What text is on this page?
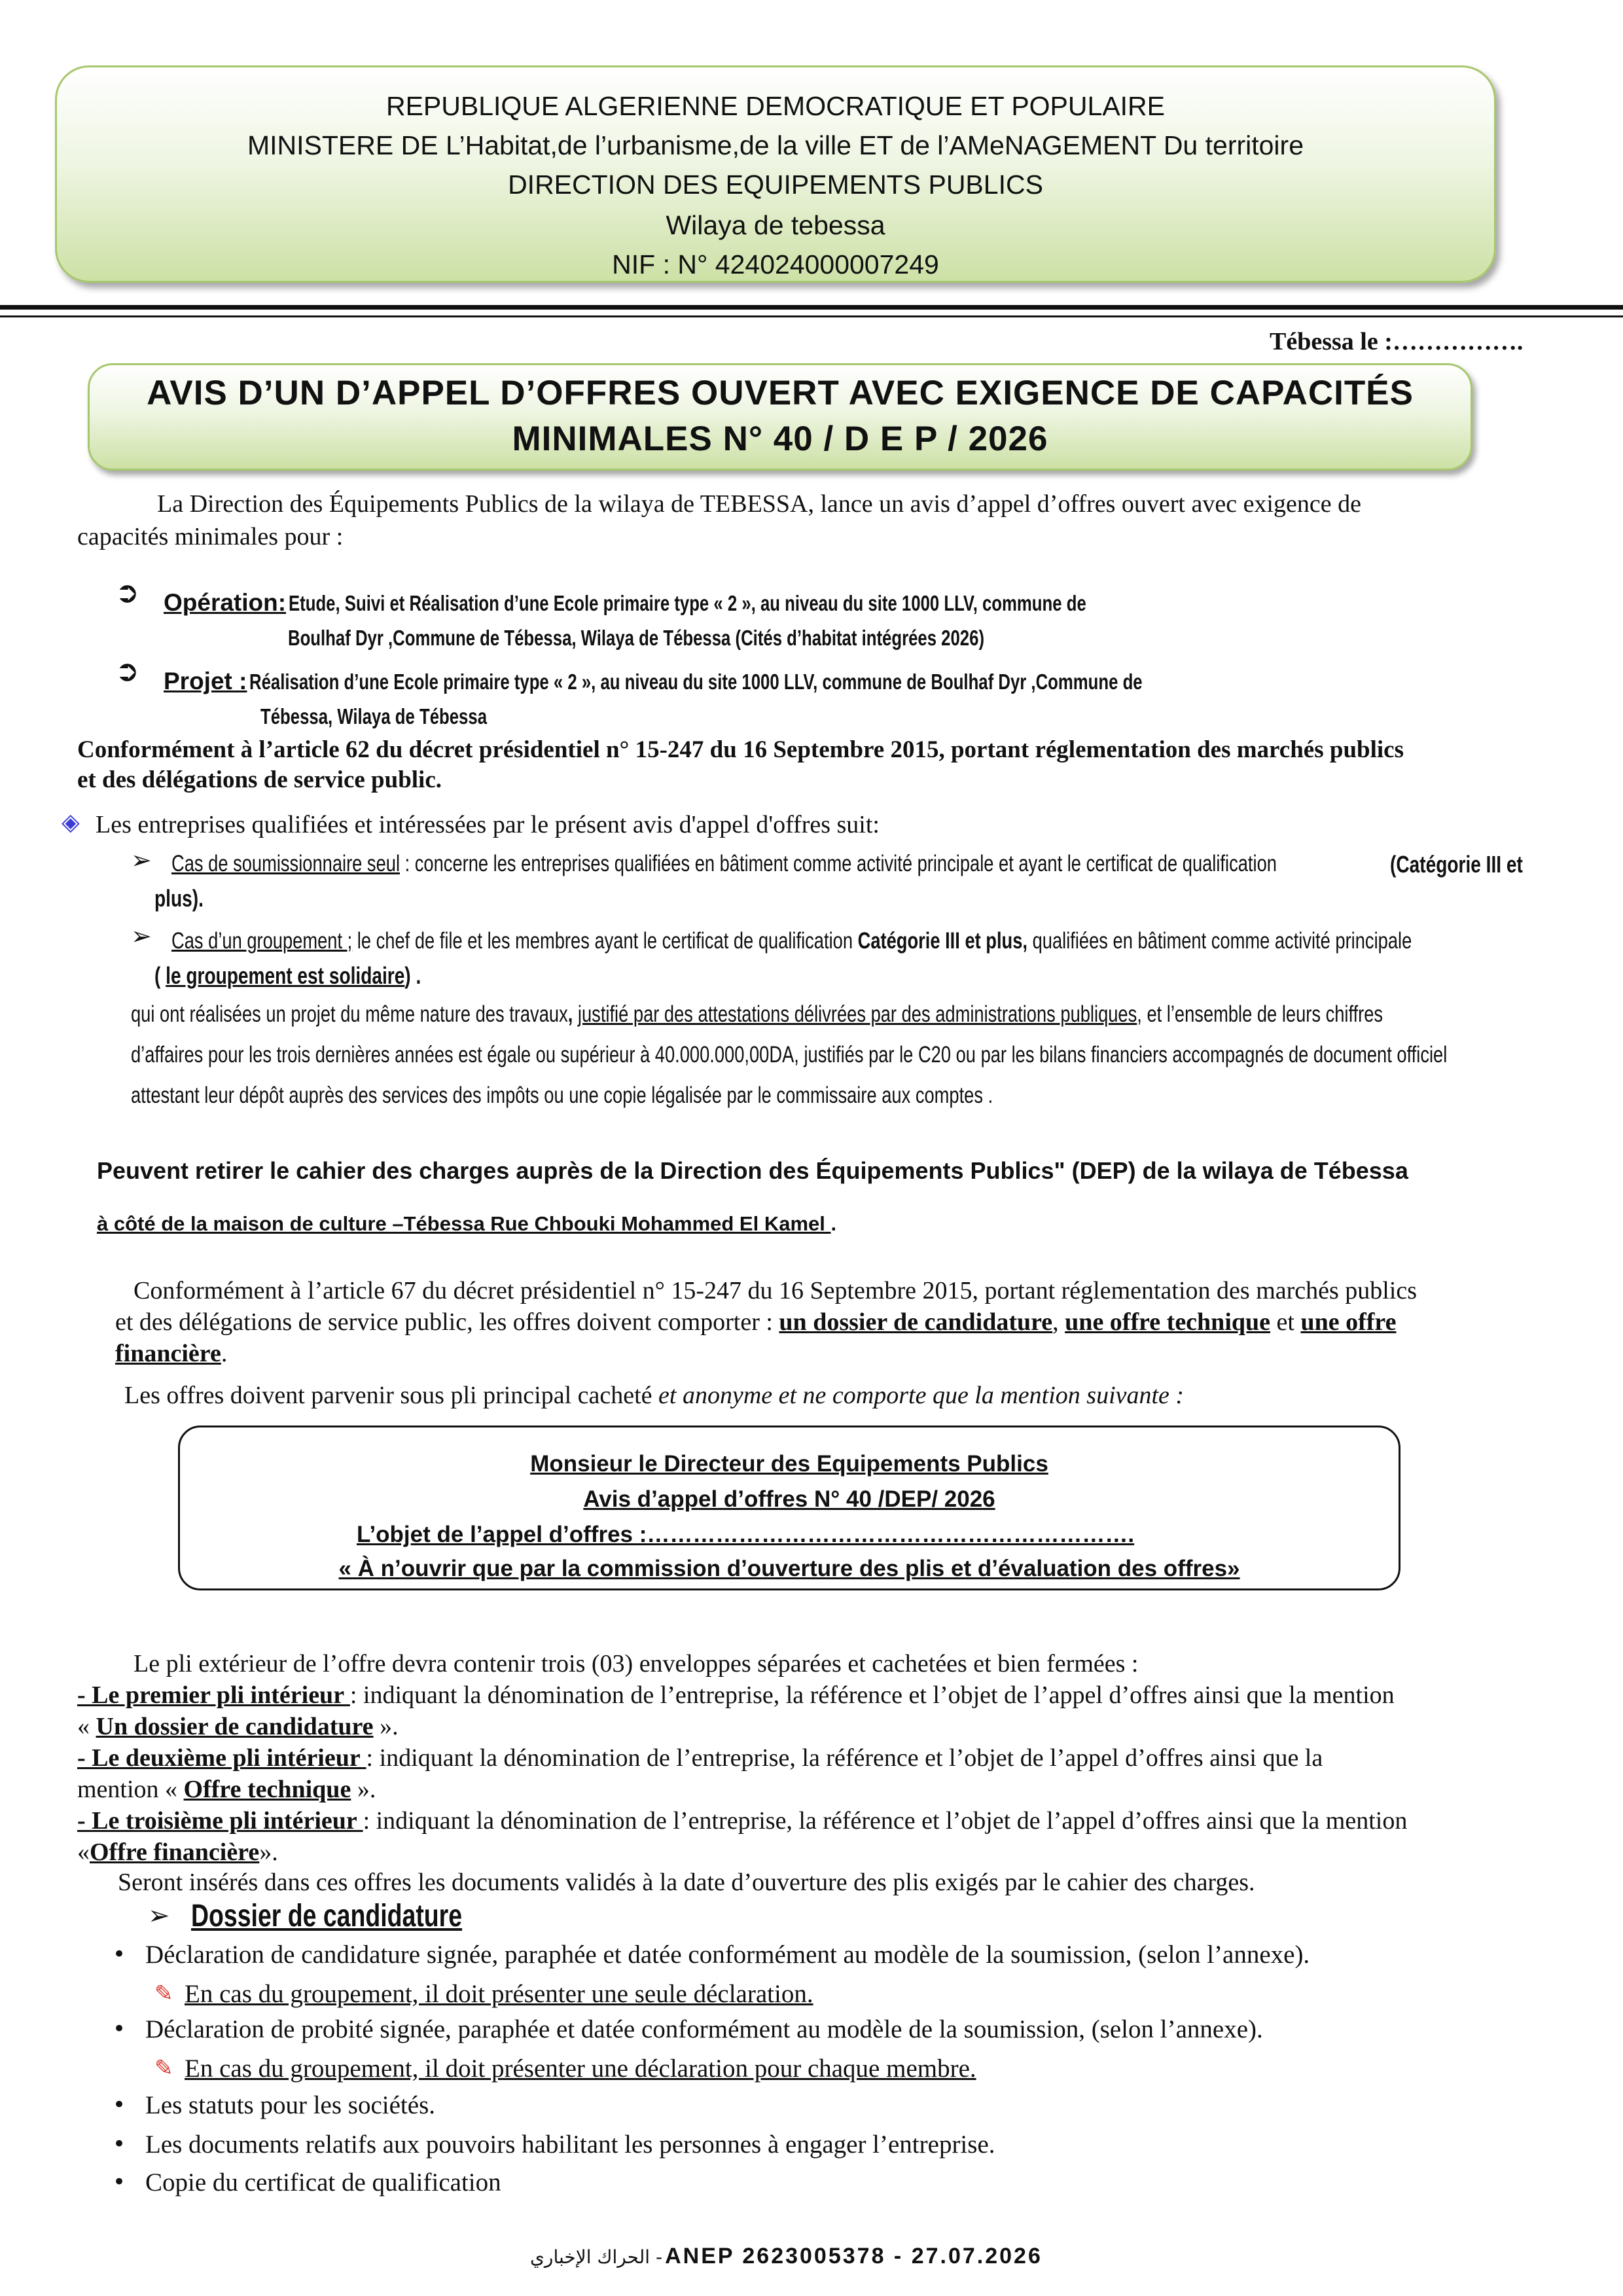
REPUBLIQUE ALGERIENNE DEMOCRATIQUE ET POPULAIRE
MINISTERE DE L’Habitat,de l’urbanisme,de la ville ET de l’AMeNAGEMENT Du territoire
DIRECTION DES EQUIPEMENTS PUBLICS
Wilaya de tebessa
NIF : N° 424024000007249
Tébessa le :…………….
AVIS D’UN D’APPEL D’OFFRES OUVERT AVEC EXIGENCE DE CAPACITÉS
MINIMALES N° 40 / D E P / 2026
La Direction des Équipements Publics de la wilaya de TEBESSA, lance un avis d’appel d’offres ouvert avec exigence de
capacités minimales pour :
➲ Opération: Etude, Suivi et Réalisation d’une Ecole primaire type « 2 », au niveau du site 1000 LLV, commune de
Boulhaf Dyr ,Commune de Tébessa, Wilaya de Tébessa (Cités d’habitat intégrées 2026)
➲ Projet : Réalisation d’une Ecole primaire type « 2 », au niveau du site 1000 LLV, commune de Boulhaf Dyr ,Commune de
Tébessa, Wilaya de Tébessa
Conformément à l’article 62 du décret présidentiel n° 15-247 du 16 Septembre 2015, portant réglementation des marchés publics
et des délégations de service public.
◈ Les entreprises qualifiées et intéressées par le présent avis d'appel d'offres suit:
➢ Cas de soumissionnaire seul : concerne les entreprises qualifiées en bâtiment comme activité principale et ayant le certificat de qualification	(Catégorie III et
plus).
➢ Cas d’un groupement ; le chef de file et les membres ayant le certificat de qualification Catégorie III et plus, qualifiées en bâtiment comme activité principale
( le groupement est solidaire) .
qui ont réalisées un projet du même nature des travaux, justifié par des attestations délivrées par des administrations publiques, et l’ensemble de leurs chiffres
d’affaires pour les trois dernières années est égale ou supérieur à 40.000.000,00DA, justifiés par le C20 ou par les bilans financiers accompagnés de document officiel
attestant leur dépôt auprès des services des impôts ou une copie légalisée par le commissaire aux comptes .
Peuvent retirer le cahier des charges auprès de la Direction des Équipements Publics" (DEP) de la wilaya de Tébessa
à côté de la maison de culture –Tébessa Rue Chbouki Mohammed El Kamel .
Conformément à l’article 67 du décret présidentiel n° 15-247 du 16 Septembre 2015, portant réglementation des marchés publics
et des délégations de service public, les offres doivent comporter : un dossier de candidature, une offre technique et une offre
financière.
Les offres doivent parvenir sous pli principal cacheté et anonyme et ne comporte que la mention suivante :
Monsieur le Directeur des Equipements Publics
Avis d’appel d’offres N° 40 /DEP/ 2026
L’objet de l’appel d’offres :……………………………………………………….
« À n’ouvrir que par la commission d’ouverture des plis et d’évaluation des offres»
Le pli extérieur de l’offre devra contenir trois (03) enveloppes séparées et cachetées et bien fermées :
- Le premier pli intérieur : indiquant la dénomination de l’entreprise, la référence et l’objet de l’appel d’offres ainsi que la mention
« Un dossier de candidature ».
- Le deuxième pli intérieur : indiquant la dénomination de l’entreprise, la référence et l’objet de l’appel d’offres ainsi que la
mention « Offre technique ».
- Le troisième pli intérieur : indiquant la dénomination de l’entreprise, la référence et l’objet de l’appel d’offres ainsi que la mention
«Offre financière».
Seront insérés dans ces offres les documents validés à la date d’ouverture des plis exigés par le cahier des charges.
➢ Dossier de candidature
• Déclaration de candidature signée, paraphée et datée conformément au modèle de la soumission, (selon l’annexe).
✎ En cas du groupement, il doit présenter une seule déclaration.
• Déclaration de probité signée, paraphée et datée conformément au modèle de la soumission, (selon l’annexe).
✎ En cas du groupement, il doit présenter une déclaration pour chaque membre.
• Les statuts pour les sociétés.
• Les documents relatifs aux pouvoirs habilitant les personnes à engager l’entreprise.
• Copie du certificat de qualification
الحراك الإخباري - ANEP 2623005378 - 27.07.2026
